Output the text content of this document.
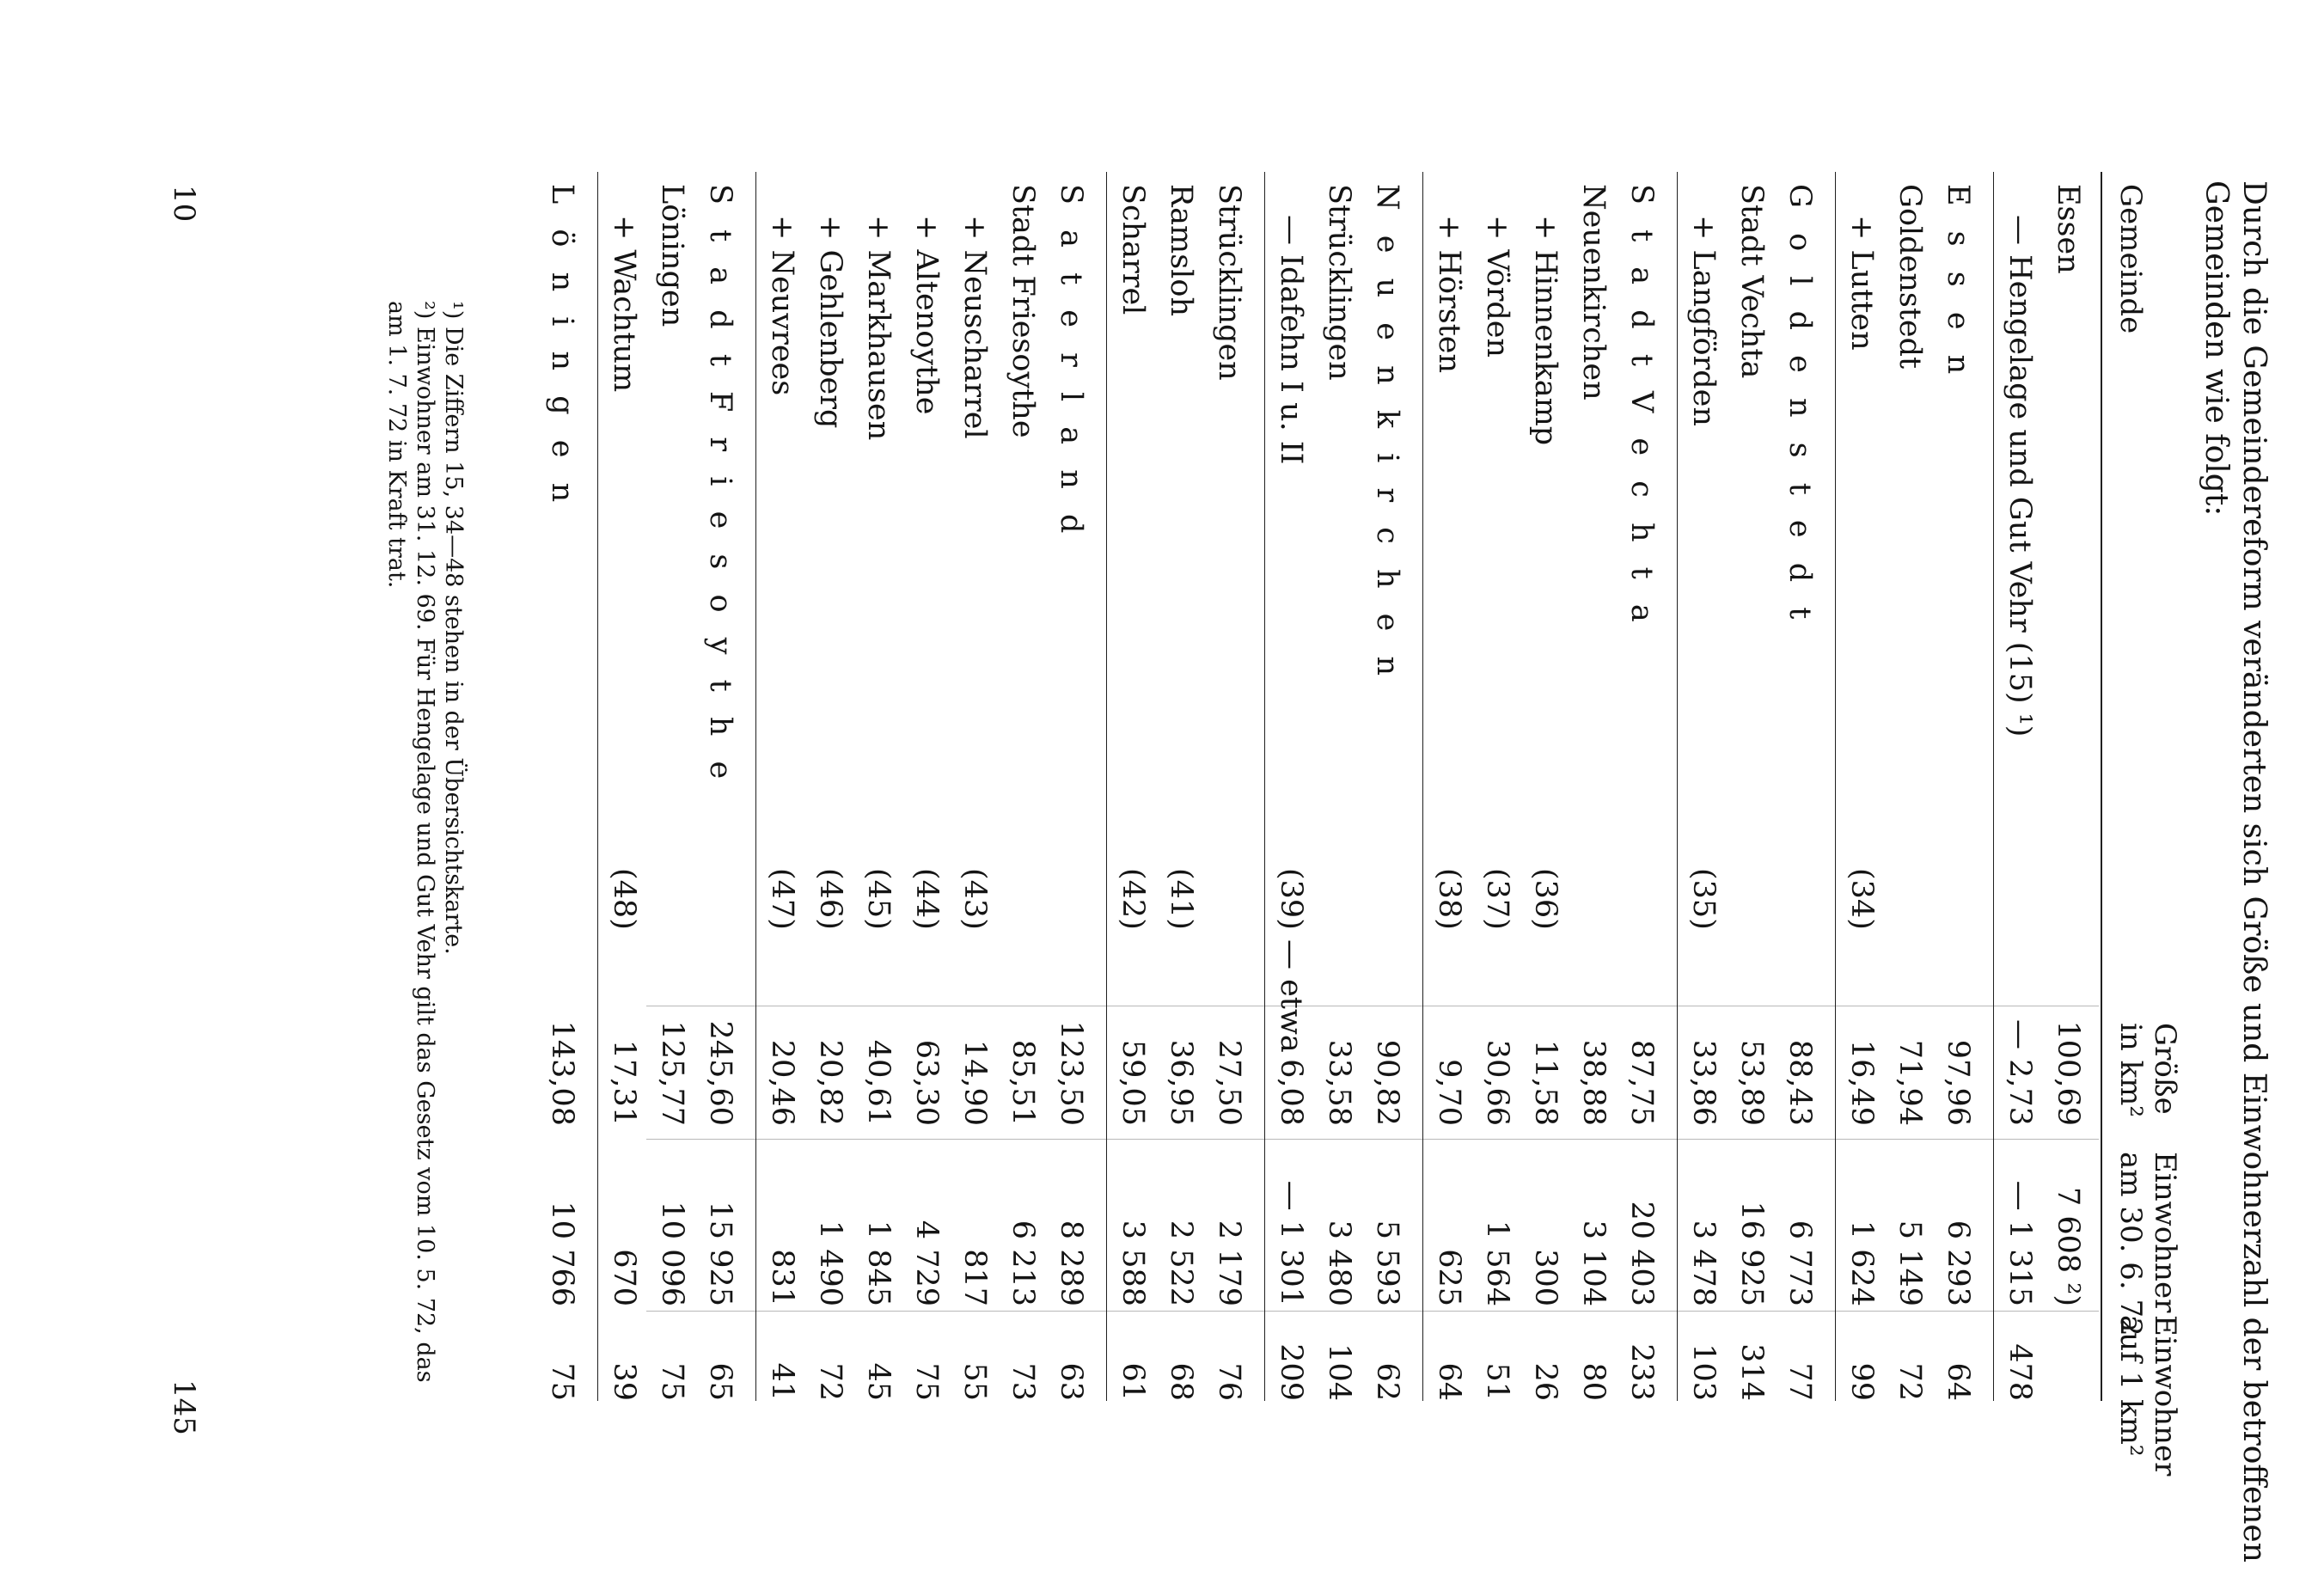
Durch die Gemeindereform veränderten sich Größe und Einwohnerzahl der betroffenen Gemeinden wie folgt:

Gemeinde
Größe
in km²
Einwohner
am 30. 6. 72
Einwohner
auf 1 km²
Essen
100,69
7 608 ²)
— Hengelage und Gut Vehr (15) ¹)
— 2,73
— 1 315
478
E s s e n
97,96
6 293
64
Goldenstedt
71,94
5 149
72
+ Lutten
(34)
16,49
1 624
99
G o l d e n s t e d t
88,43
6 773
77
Stadt Vechta
53,89
16 925
314
+ Langförden
(35)
33,86
3 478
103
S t a d t V e c h t a
87,75
20 403
233
Neuenkirchen
38,88
3 104
80
+ Hinnenkamp
(36)
11,58
300
26
+ Vörden
(37)
30,66
1 564
51
+ Hörsten
(38)
9,70
625
64
N e u e n k i r c h e n
90,82
5 593
62
Strücklingen
33,58
3 480
104
— Idafehn I u. II
(39) — etwa
6,08
— 1 301
209
Strücklingen
27,50
2 179
76
Ramsloh
(41)
36,95
2 522
68
Scharrel
(42)
59,05
3 588
61
S a t e r l a n d
123,50
8 289
63
Stadt Friesoythe
85,51
6 213
73
+ Neuscharrel
(43)
14,90
817
55
+ Altenoythe
(44)
63,30
4 729
75
+ Markhausen
(45)
40,61
1 845
45
+ Gehlenberg
(46)
20,82
1 490
72
+ Neuvrees
(47)
20,46
831
41
S t a d t F r i e s o y t h e
245,60
15 925
65
Löningen
125,77
10 096
75
+ Wachtum
(48)
17,31
670
39
L ö n i n g e n
143,08
10 766
75
¹) Die Ziffern 15, 34—48 stehen in der Übersichtskarte.
²) Einwohner am 31. 12. 69. Für Hengelage und Gut Vehr gilt das Gesetz vom 10. 5. 72, das am 1. 7. 72 in Kraft trat.
10
145
